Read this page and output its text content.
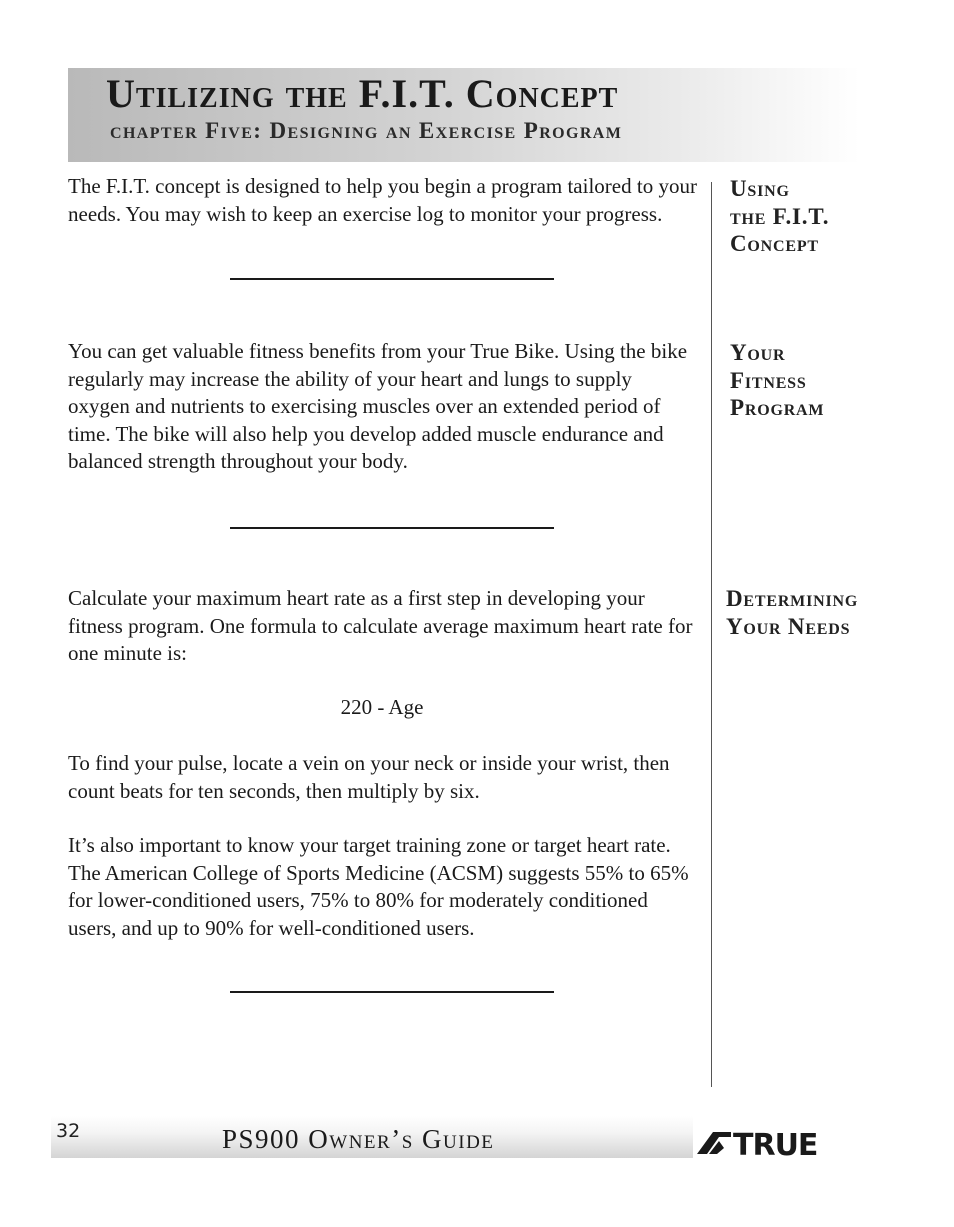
Utilizing the F.I.T. Concept
chapter Five: Designing an Exercise Program

The F.I.T. concept is designed to help you begin a program tailored to your needs. You may wish to keep an exercise log to monitor your progress.

You can get valuable fitness benefits from your True Bike. Using the bike regularly may increase the ability of your heart and lungs to supply oxygen and nutrients to exercising muscles over an extended period of time. The bike will also help you develop added muscle endurance and balanced strength throughout your body.

Calculate your maximum heart rate as a first step in developing your fitness program. One formula to calculate average maximum heart rate for one minute is:

220 - Age

To find your pulse, locate a vein on your neck or inside your wrist, then count beats for ten seconds, then multiply by six.

It’s also important to know your target training zone or target heart rate. The American College of Sports Medicine (ACSM) suggests 55% to 65% for lower-conditioned users, 75% to 80% for moderately conditioned users, and up to 90% for well-conditioned users.

Using
the F.I.T.
Concept
Your
Fitness
Program
Determining
Your Needs
32	PS900 Owner’s Guide	TRUE
